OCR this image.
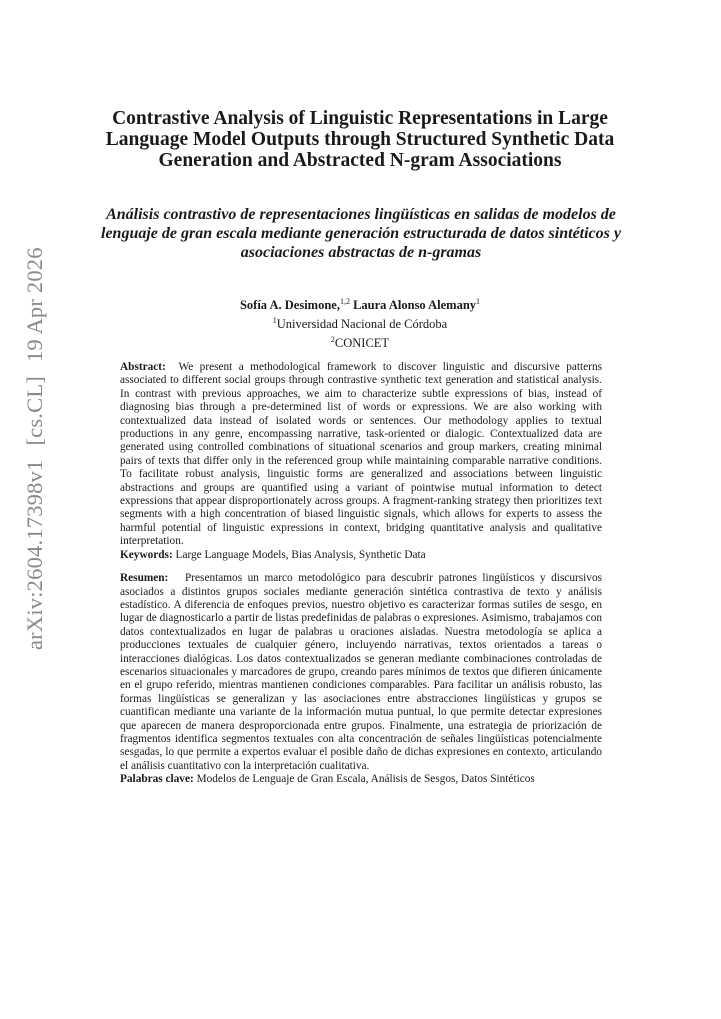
arXiv:2604.17398v1[cs.CL]19 Apr 2026
Contrastive Analysis of Linguistic Representations in Large Language Model Outputs through Structured Synthetic Data Generation and Abstracted N-gram Associations
Análisis contrastivo de representaciones lingüísticas en salidas de modelos de lenguaje de gran escala mediante generación estructurada de datos sintéticos y asociaciones abstractas de n-gramas
Sofía A. Desimone,$^{1,2}$ Laura Alonso Alemany$^1$
$^1$Universidad Nacional de Córdoba
$^2$CONICET

Abstract: We present a methodological framework to discover linguistic and discursive patterns associated to different social groups through contrastive synthetic text generation and statistical analysis. In contrast with previous approaches, we aim to characterize subtle expressions of bias, instead of diagnosing bias through a pre-determined list of words or expressions. We are also working with contextualized data instead of isolated words or sentences. Our methodology applies to textual productions in any genre, encompassing narrative, task-oriented or dialogic. Contextualized data are generated using controlled combinations of situational scenarios and group markers, creating minimal pairs of texts that differ only in the referenced group while maintaining comparable narrative conditions. To facilitate robust analysis, linguistic forms are generalized and associations between linguistic abstractions and groups are quantified using a variant of pointwise mutual information to detect expressions that appear disproportionately across groups. A fragment-ranking strategy then prioritizes text segments with a high concentration of biased linguistic signals, which allows for experts to assess the harmful potential of linguistic expressions in context, bridging quantitative analysis and qualitative interpretation.

Keywords: Large Language Models, Bias Analysis, Synthetic Data

Resumen: Presentamos un marco metodológico para descubrir patrones lingüísticos y discursivos asociados a distintos grupos sociales mediante generación sintética contrastiva de texto y análisis estadístico. A diferencia de enfoques previos, nuestro objetivo es caracterizar formas sutiles de sesgo, en lugar de diagnosticarlo a partir de listas predefinidas de palabras o expresiones. Asimismo, trabajamos con datos contextualizados en lugar de palabras u oraciones aisladas. Nuestra metodología se aplica a producciones textuales de cualquier género, incluyendo narrativas, textos orientados a tareas o interacciones dialógicas. Los datos contextualizados se generan mediante combinaciones controladas de escenarios situacionales y marcadores de grupo, creando pares mínimos de textos que difieren únicamente en el grupo referido, mientras mantienen condiciones comparables. Para facilitar un análisis robusto, las formas lingüísticas se generalizan y las asociaciones entre abstracciones lingüísticas y grupos se cuantifican mediante una variante de la información mutua puntual, lo que permite detectar expresiones que aparecen de manera desproporcionada entre grupos. Finalmente, una estrategia de priorización de fragmentos identifica segmentos textuales con alta concentración de señales lingüísticas potencialmente sesgadas, lo que permite a expertos evaluar el posible daño de dichas expresiones en contexto, articulando el análisis cuantitativo con la interpretación cualitativa.

Palabras clave: Modelos de Lenguaje de Gran Escala, Análisis de Sesgos, Datos Sintéticos
